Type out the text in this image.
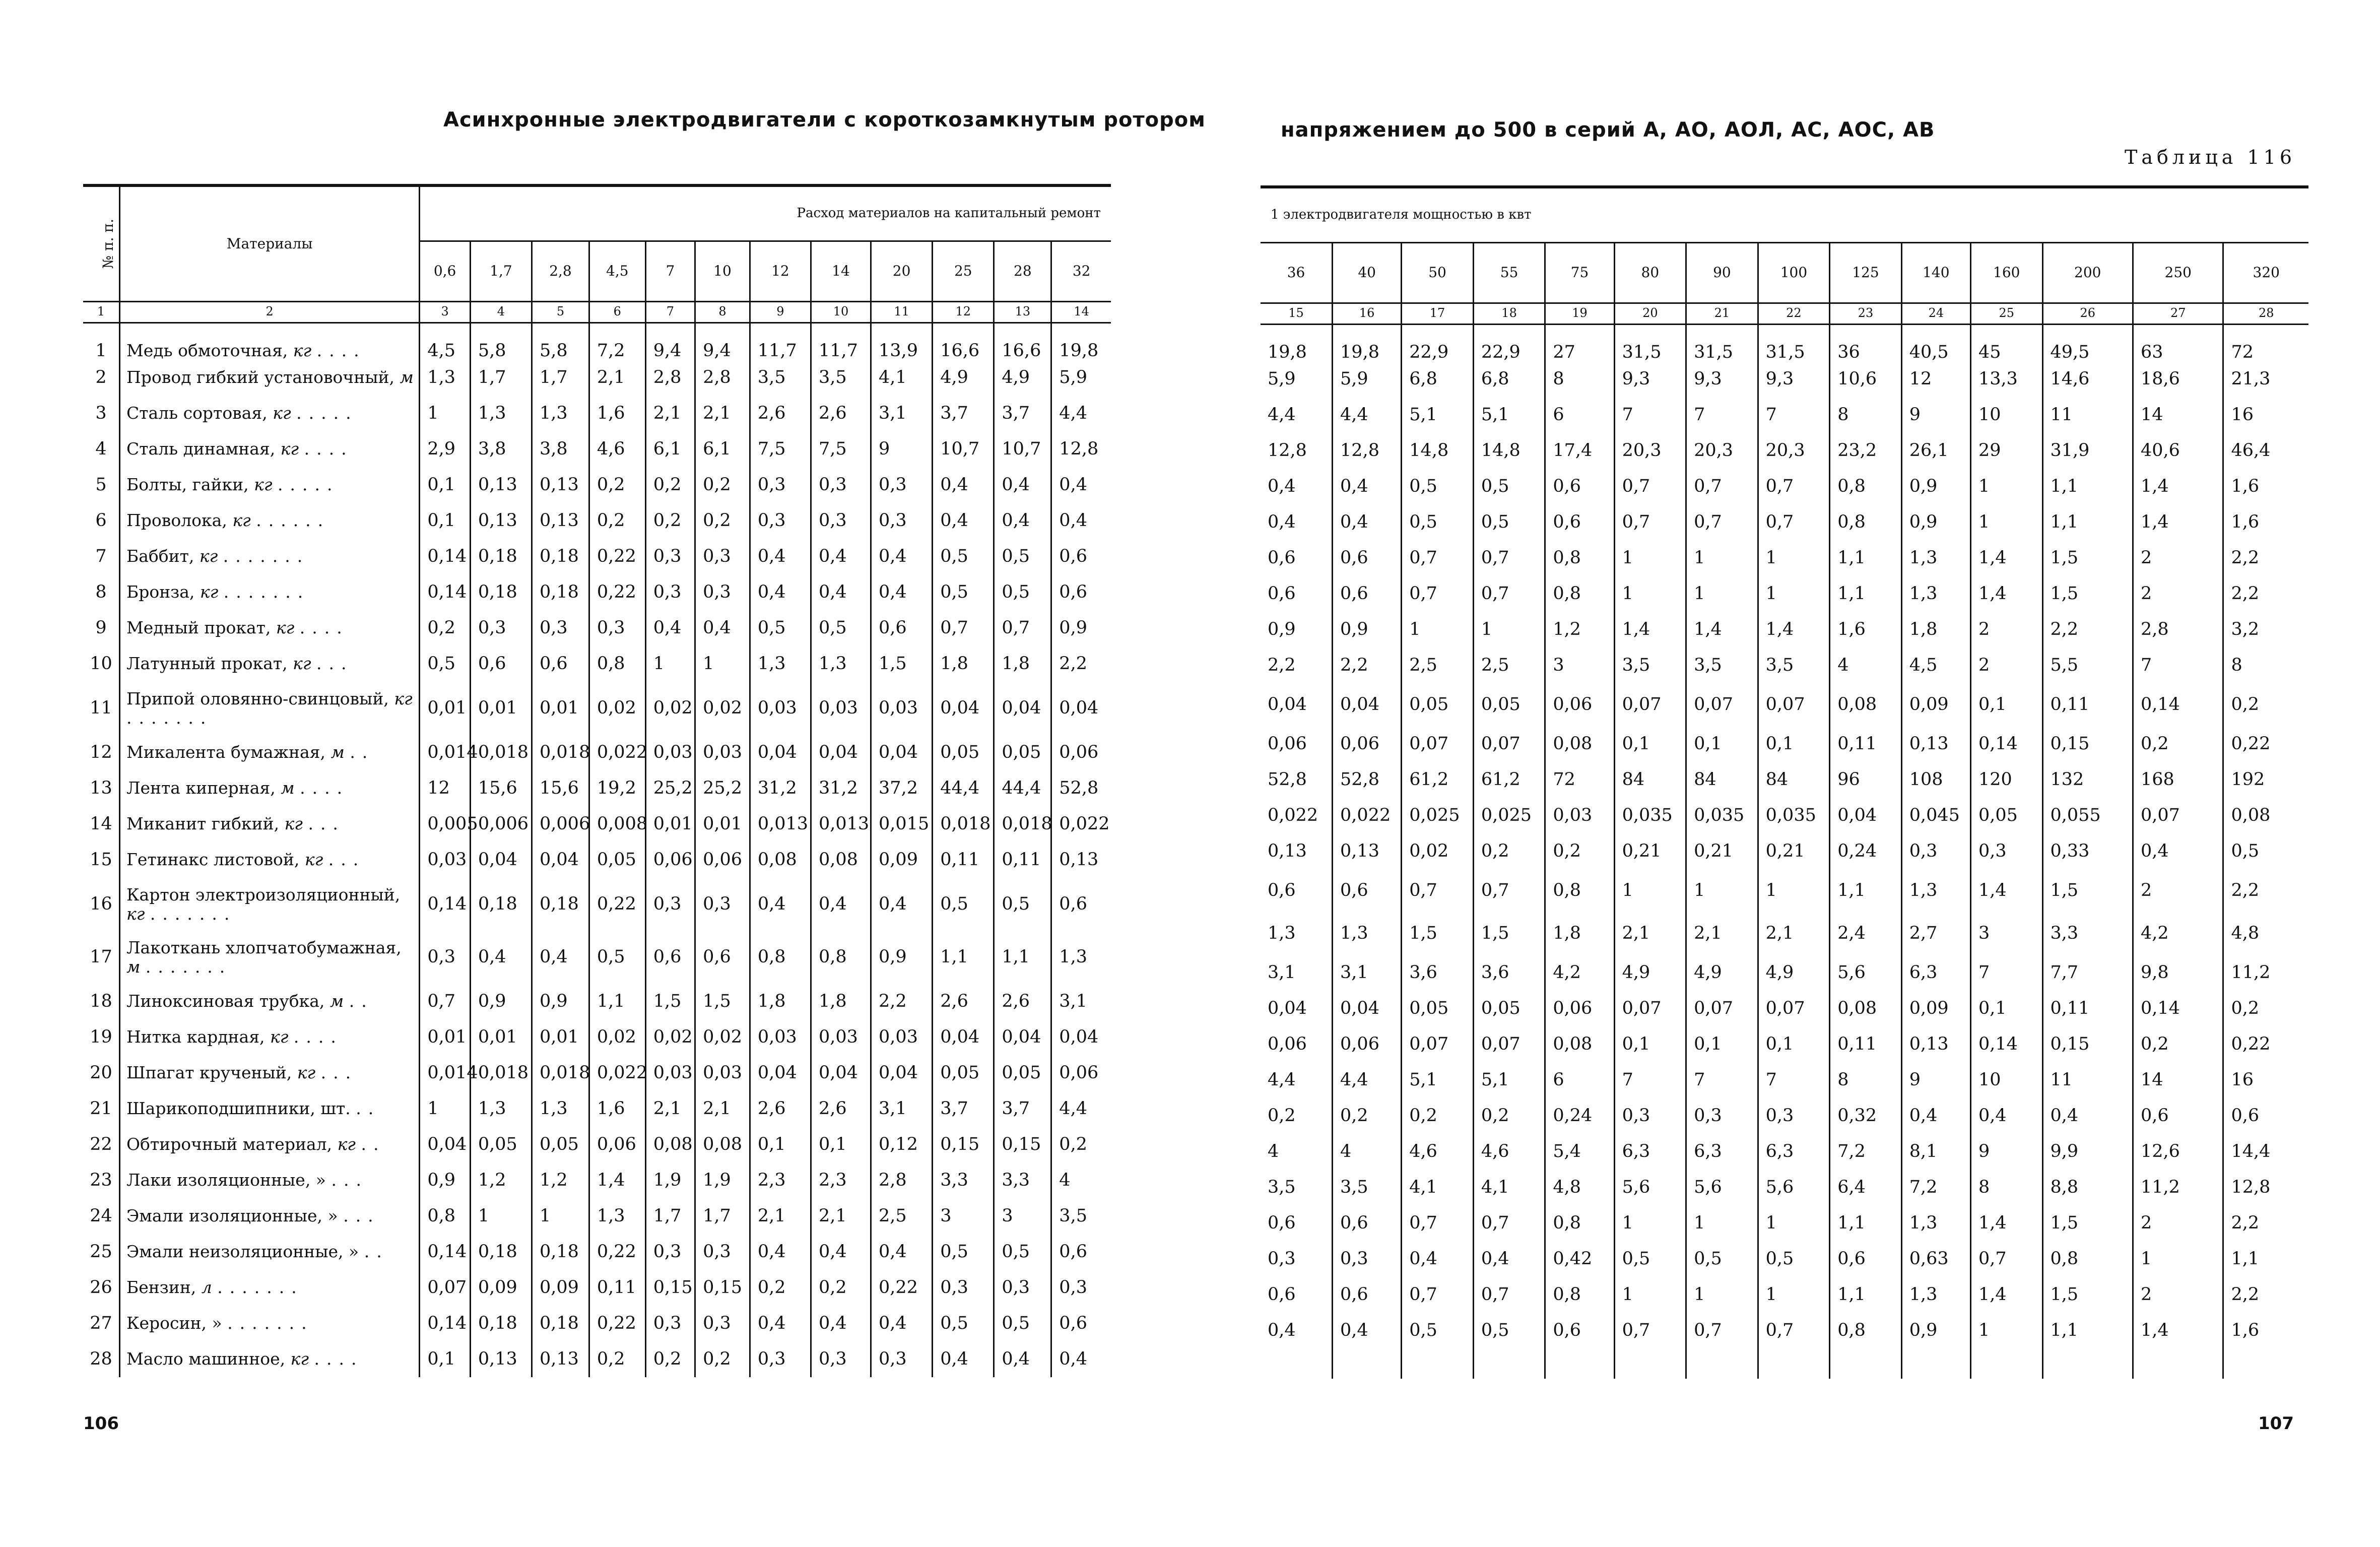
Асинхронные электродвигатели с короткозамкнутым ротором
№ п. п.	Материалы	Расход материалов на капитальный ремонт											
		0,6	1,7	2,8	4,5	7	10	12	14	20	25	28	32
1	2	3	4	5	6	7	8	9	10	11	12	13	14
1	Медь обмоточная, кг ....	4,5	5,8	5,8	7,2	9,4	9,4	11,7	11,7	13,9	16,6	16,6	19,8
2	Провод гибкий установочный, м	1,3	1,7	1,7	2,1	2,8	2,8	3,5	3,5	4,1	4,9	4,9	5,9
3	Сталь сортовая, кг .....	1	1,3	1,3	1,6	2,1	2,1	2,6	2,6	3,1	3,7	3,7	4,4
4	Сталь динамная, кг ....	2,9	3,8	3,8	4,6	6,1	6,1	7,5	7,5	9	10,7	10,7	12,8
5	Болты, гайки, кг .....	0,1	0,13	0,13	0,2	0,2	0,2	0,3	0,3	0,3	0,4	0,4	0,4
6	Проволока, кг ......	0,1	0,13	0,13	0,2	0,2	0,2	0,3	0,3	0,3	0,4	0,4	0,4
7	Баббит, кг .......	0,14	0,18	0,18	0,22	0,3	0,3	0,4	0,4	0,4	0,5	0,5	0,6
8	Бронза, кг .......	0,14	0,18	0,18	0,22	0,3	0,3	0,4	0,4	0,4	0,5	0,5	0,6
9	Медный прокат, кг ....	0,2	0,3	0,3	0,3	0,4	0,4	0,5	0,5	0,6	0,7	0,7	0,9
10	Латунный прокат, кг ...	0,5	0,6	0,6	0,8	1	1	1,3	1,3	1,5	1,8	1,8	2,2
11	Припой оловянно-свинцовый, кг .......	0,01	0,01	0,01	0,02	0,02	0,02	0,03	0,03	0,03	0,04	0,04	0,04
12	Микалента бумажная, м ..	0,014	0,018	0,018	0,022	0,03	0,03	0,04	0,04	0,04	0,05	0,05	0,06
13	Лента киперная, м ....	12	15,6	15,6	19,2	25,2	25,2	31,2	31,2	37,2	44,4	44,4	52,8
14	Миканит гибкий, кг ...	0,005	0,006	0,006	0,008	0,01	0,01	0,013	0,013	0,015	0,018	0,018	0,022
15	Гетинакс листовой, кг ...	0,03	0,04	0,04	0,05	0,06	0,06	0,08	0,08	0,09	0,11	0,11	0,13
16	Картон электроизоляционный, кг .......	0,14	0,18	0,18	0,22	0,3	0,3	0,4	0,4	0,4	0,5	0,5	0,6
17	Лакоткань хлопчатобумажная, м .......	0,3	0,4	0,4	0,5	0,6	0,6	0,8	0,8	0,9	1,1	1,1	1,3
18	Линоксиновая трубка, м ..	0,7	0,9	0,9	1,1	1,5	1,5	1,8	1,8	2,2	2,6	2,6	3,1
19	Нитка кардная, кг ....	0,01	0,01	0,01	0,02	0,02	0,02	0,03	0,03	0,03	0,04	0,04	0,04
20	Шпагат крученый, кг ...	0,014	0,018	0,018	0,022	0,03	0,03	0,04	0,04	0,04	0,05	0,05	0,06
21	Шарикоподшипники, шт. ..	1	1,3	1,3	1,6	2,1	2,1	2,6	2,6	3,1	3,7	3,7	4,4
22	Обтирочный материал, кг ..	0,04	0,05	0,05	0,06	0,08	0,08	0,1	0,1	0,12	0,15	0,15	0,2
23	Лаки изоляционные, » ...	0,9	1,2	1,2	1,4	1,9	1,9	2,3	2,3	2,8	3,3	3,3	4
24	Эмали изоляционные, » ...	0,8	1	1	1,3	1,7	1,7	2,1	2,1	2,5	3	3	3,5
25	Эмали неизоляционные, » ..	0,14	0,18	0,18	0,22	0,3	0,3	0,4	0,4	0,4	0,5	0,5	0,6
26	Бензин, л .......	0,07	0,09	0,09	0,11	0,15	0,15	0,2	0,2	0,22	0,3	0,3	0,3
27	Керосин, » .......	0,14	0,18	0,18	0,22	0,3	0,3	0,4	0,4	0,4	0,5	0,5	0,6
28	Масло машинное, кг ....	0,1	0,13	0,13	0,2	0,2	0,2	0,3	0,3	0,3	0,4	0,4	0,4
106
напряжением до 500 в серий А, АО, АОЛ, АС, АОС, АВ
Таблица 116
1 электродвигателя мощностью в квт													
36	40	50	55	75	80	90	100	125	140	160	200	250	320
15	16	17	18	19	20	21	22	23	24	25	26	27	28
19,8	19,8	22,9	22,9	27	31,5	31,5	31,5	36	40,5	45	49,5	63	72
5,9	5,9	6,8	6,8	8	9,3	9,3	9,3	10,6	12	13,3	14,6	18,6	21,3
4,4	4,4	5,1	5,1	6	7	7	7	8	9	10	11	14	16
12,8	12,8	14,8	14,8	17,4	20,3	20,3	20,3	23,2	26,1	29	31,9	40,6	46,4
0,4	0,4	0,5	0,5	0,6	0,7	0,7	0,7	0,8	0,9	1	1,1	1,4	1,6
0,4	0,4	0,5	0,5	0,6	0,7	0,7	0,7	0,8	0,9	1	1,1	1,4	1,6
0,6	0,6	0,7	0,7	0,8	1	1	1	1,1	1,3	1,4	1,5	2	2,2
0,6	0,6	0,7	0,7	0,8	1	1	1	1,1	1,3	1,4	1,5	2	2,2
0,9	0,9	1	1	1,2	1,4	1,4	1,4	1,6	1,8	2	2,2	2,8	3,2
2,2	2,2	2,5	2,5	3	3,5	3,5	3,5	4	4,5	2	5,5	7	8
0,04	0,04	0,05	0,05	0,06	0,07	0,07	0,07	0,08	0,09	0,1	0,11	0,14	0,2
0,06	0,06	0,07	0,07	0,08	0,1	0,1	0,1	0,11	0,13	0,14	0,15	0,2	0,22
52,8	52,8	61,2	61,2	72	84	84	84	96	108	120	132	168	192
0,022	0,022	0,025	0,025	0,03	0,035	0,035	0,035	0,04	0,045	0,05	0,055	0,07	0,08
0,13	0,13	0,02	0,2	0,2	0,21	0,21	0,21	0,24	0,3	0,3	0,33	0,4	0,5
0,6	0,6	0,7	0,7	0,8	1	1	1	1,1	1,3	1,4	1,5	2	2,2
1,3	1,3	1,5	1,5	1,8	2,1	2,1	2,1	2,4	2,7	3	3,3	4,2	4,8
3,1	3,1	3,6	3,6	4,2	4,9	4,9	4,9	5,6	6,3	7	7,7	9,8	11,2
0,04	0,04	0,05	0,05	0,06	0,07	0,07	0,07	0,08	0,09	0,1	0,11	0,14	0,2
0,06	0,06	0,07	0,07	0,08	0,1	0,1	0,1	0,11	0,13	0,14	0,15	0,2	0,22
4,4	4,4	5,1	5,1	6	7	7	7	8	9	10	11	14	16
0,2	0,2	0,2	0,2	0,24	0,3	0,3	0,3	0,32	0,4	0,4	0,4	0,6	0,6
4	4	4,6	4,6	5,4	6,3	6,3	6,3	7,2	8,1	9	9,9	12,6	14,4
3,5	3,5	4,1	4,1	4,8	5,6	5,6	5,6	6,4	7,2	8	8,8	11,2	12,8
0,6	0,6	0,7	0,7	0,8	1	1	1	1,1	1,3	1,4	1,5	2	2,2
0,3	0,3	0,4	0,4	0,42	0,5	0,5	0,5	0,6	0,63	0,7	0,8	1	1,1
0,6	0,6	0,7	0,7	0,8	1	1	1	1,1	1,3	1,4	1,5	2	2,2
0,4	0,4	0,5	0,5	0,6	0,7	0,7	0,7	0,8	0,9	1	1,1	1,4	1,6

107
